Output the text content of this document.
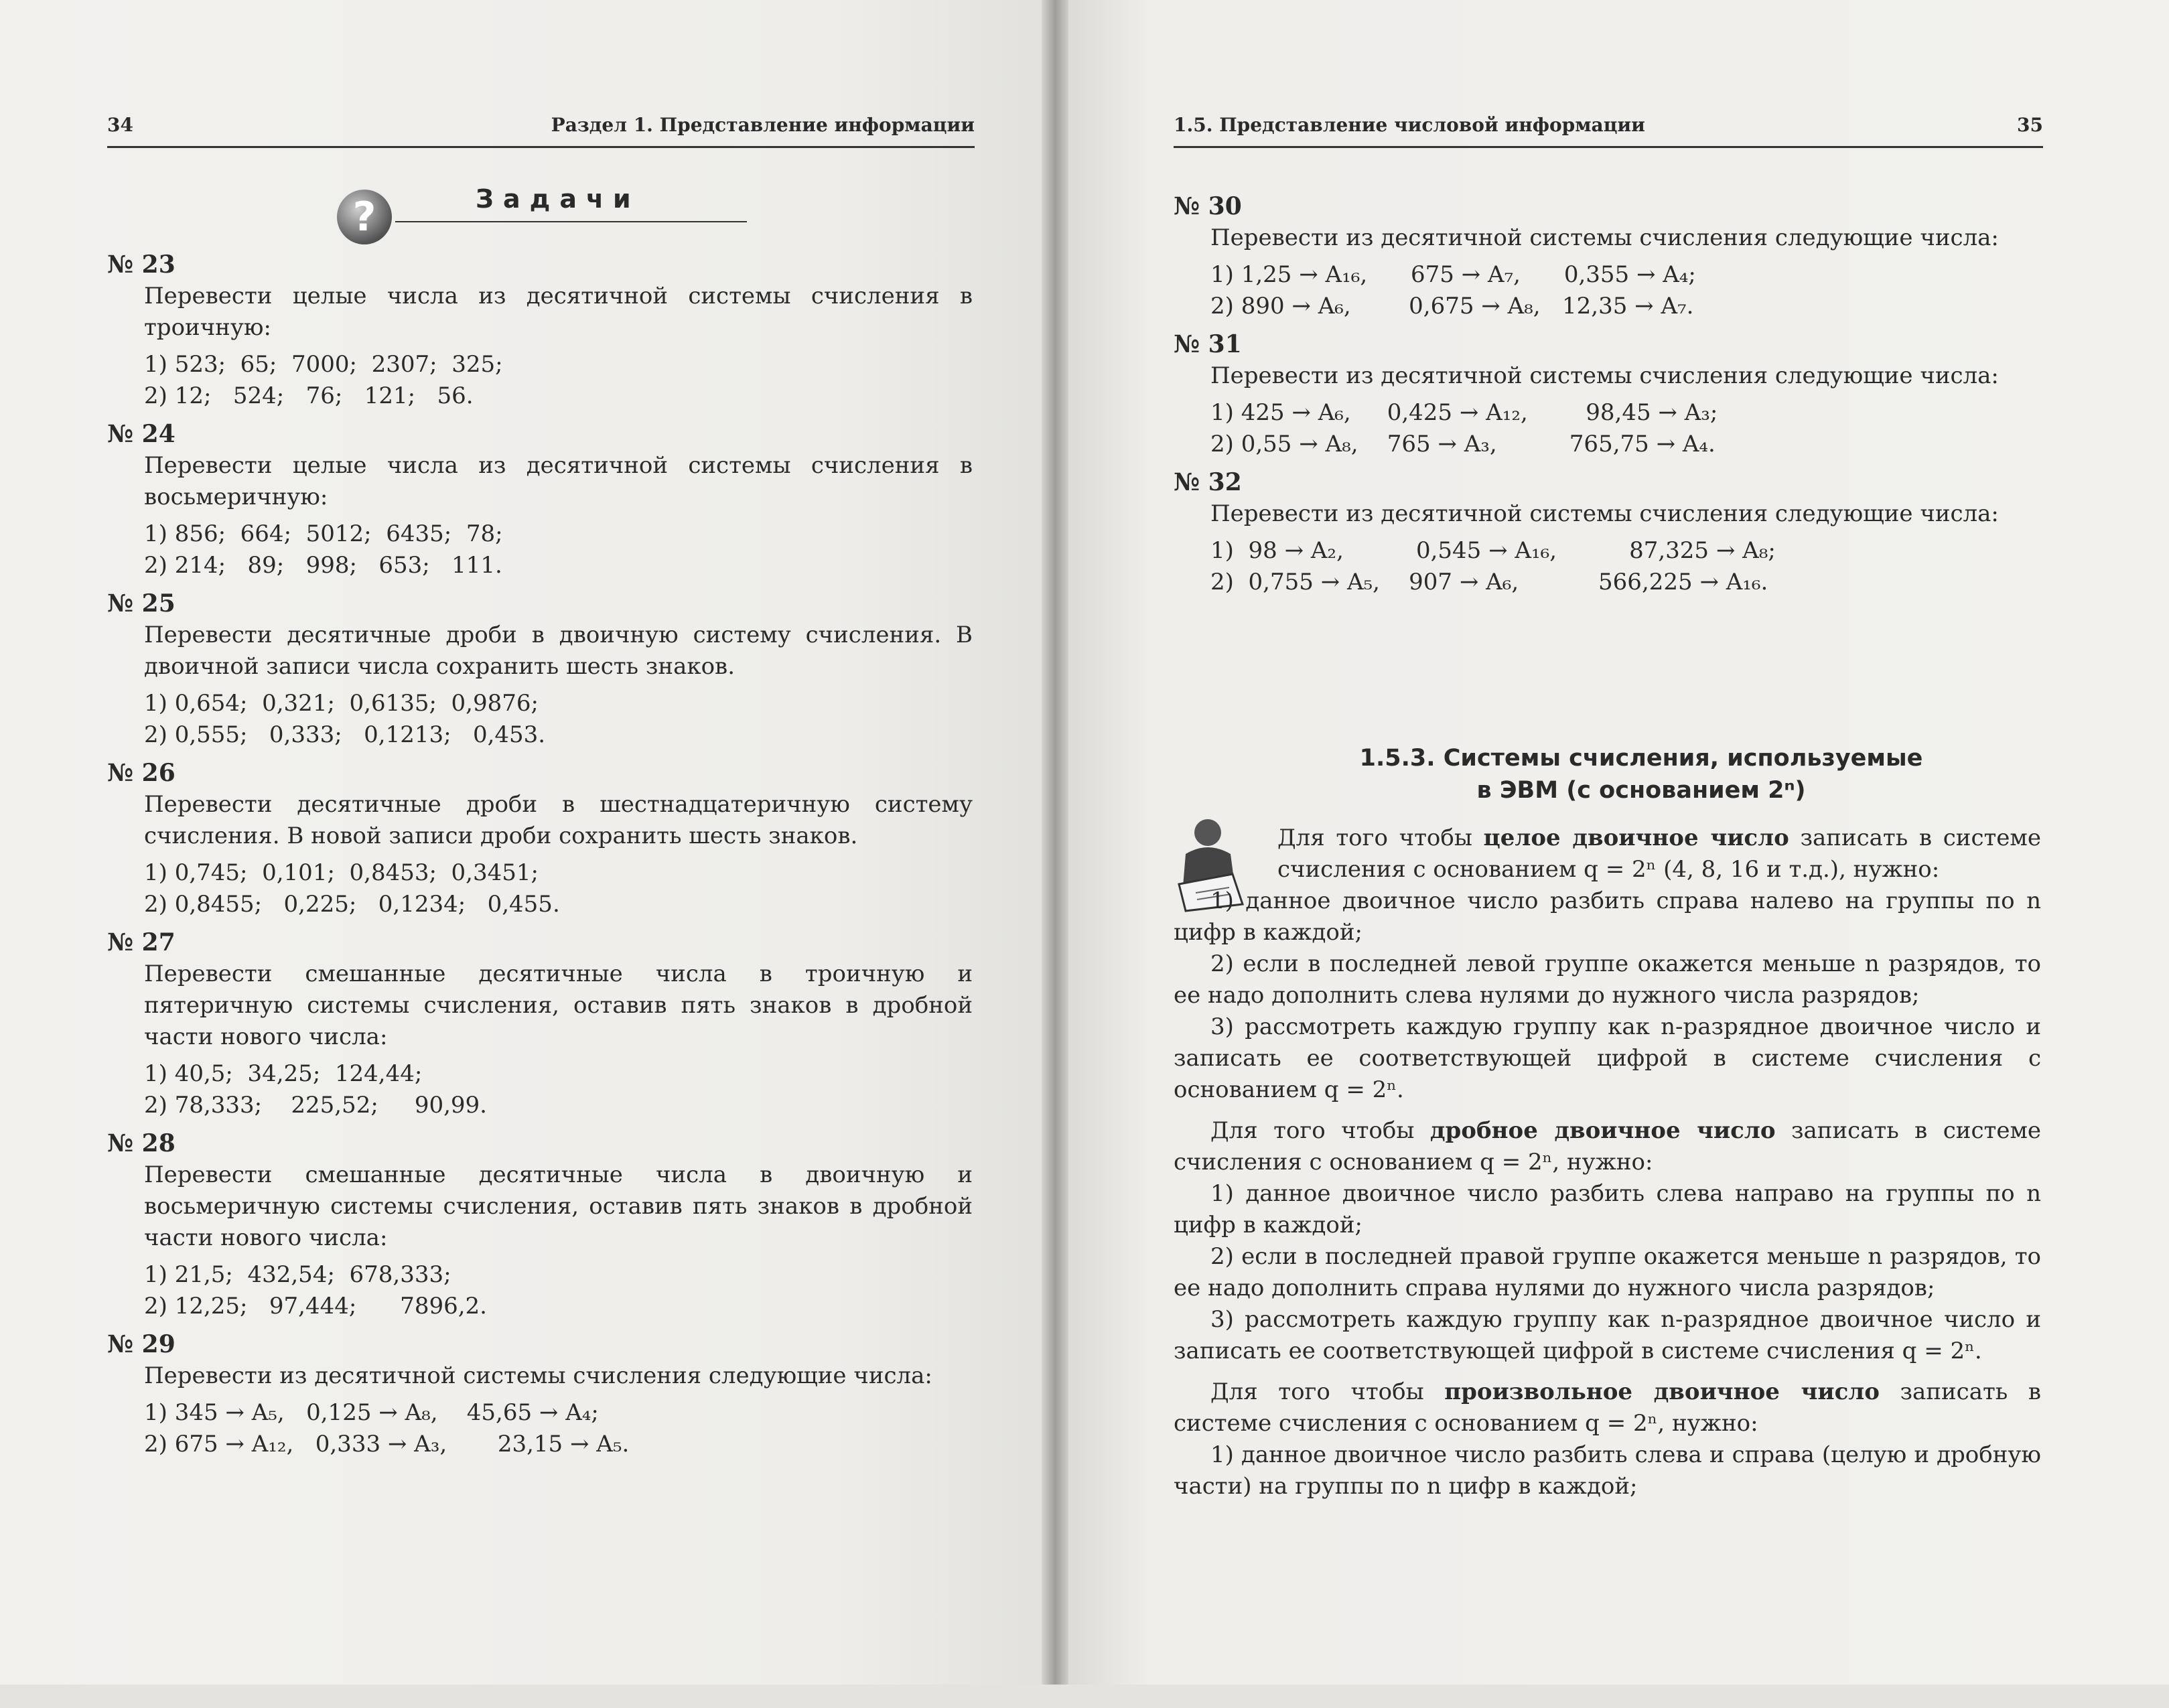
34	Раздел 1. Представление информации
?	Задачи
№ 23
Перевести целые числа из десятичной системы счисления в троичную:
1) 523;  65;  7000;  2307;  325;
2) 12;   524;   76;   121;   56.
№ 24
Перевести целые числа из десятичной системы счисления в восьмеричную:
1) 856;  664;  5012;  6435;  78;
2) 214;   89;   998;   653;   111.
№ 25
Перевести десятичные дроби в двоичную систему счисления. В двоичной записи числа сохранить шесть знаков.
1) 0,654;  0,321;  0,6135;  0,9876;
2) 0,555;   0,333;   0,1213;   0,453.
№ 26
Перевести десятичные дроби в шестнадцатеричную систему счисления. В новой записи дроби сохранить шесть знаков.
1) 0,745;  0,101;  0,8453;  0,3451;
2) 0,8455;   0,225;   0,1234;   0,455.
№ 27
Перевести смешанные десятичные числа в троичную и пятеричную системы счисления, оставив пять знаков в дробной части нового числа:
1) 40,5;  34,25;  124,44;
2) 78,333;    225,52;     90,99.
№ 28
Перевести смешанные десятичные числа в двоичную и восьмеричную системы счисления, оставив пять знаков в дробной части нового числа:
1) 21,5;  432,54;  678,333;
2) 12,25;   97,444;      7896,2.
№ 29
Перевести из десятичной системы счисления следующие числа:
1) 345 → A₅,   0,125 → A₈,    45,65 → A₄;
2) 675 → A₁₂,   0,333 → A₃,       23,15 → A₅.
1.5. Представление числовой информации	35
№ 30
Перевести из десятичной системы счисления следующие числа:
1) 1,25 → A₁₆,      675 → A₇,      0,355 → A₄;
2) 890 → A₆,        0,675 → A₈,   12,35 → A₇.
№ 31
Перевести из десятичной системы счисления следующие числа:
1) 425 → A₆,     0,425 → A₁₂,        98,45 → A₃;
2) 0,55 → A₈,    765 → A₃,          765,75 → A₄.
№ 32
Перевести из десятичной системы счисления следующие числа:
1)  98 → A₂,          0,545 → A₁₆,          87,325 → A₈;
2)  0,755 → A₅,    907 → A₆,           566,225 → A₁₆.
1.5.3. Системы счисления, используемые
в ЭВМ (с основанием 2ⁿ)
Для того чтобы целое двоичное число записать в системе счисления с основанием q = 2ⁿ (4, 8, 16 и т.д.), нужно:
1) данное двоичное число разбить справа налево на группы по n цифр в каждой;
2) если в последней левой группе окажется меньше n разрядов, то ее надо дополнить слева нулями до нужного числа разрядов;
3) рассмотреть каждую группу как n-разрядное двоичное число и записать ее соответствующей цифрой в системе счисления с основанием q = 2ⁿ.
Для того чтобы дробное двоичное число записать в системе счисления с основанием q = 2ⁿ, нужно:
1) данное двоичное число разбить слева направо на группы по n цифр в каждой;
2) если в последней правой группе окажется меньше n разрядов, то ее надо дополнить справа нулями до нужного числа разрядов;
3) рассмотреть каждую группу как n-разрядное двоичное число и записать ее соответствующей цифрой в системе счисления q = 2ⁿ.
Для того чтобы произвольное двоичное число записать в системе счисления с основанием q = 2ⁿ, нужно:
1) данное двоичное число разбить слева и справа (целую и дробную части) на группы по n цифр в каждой;
